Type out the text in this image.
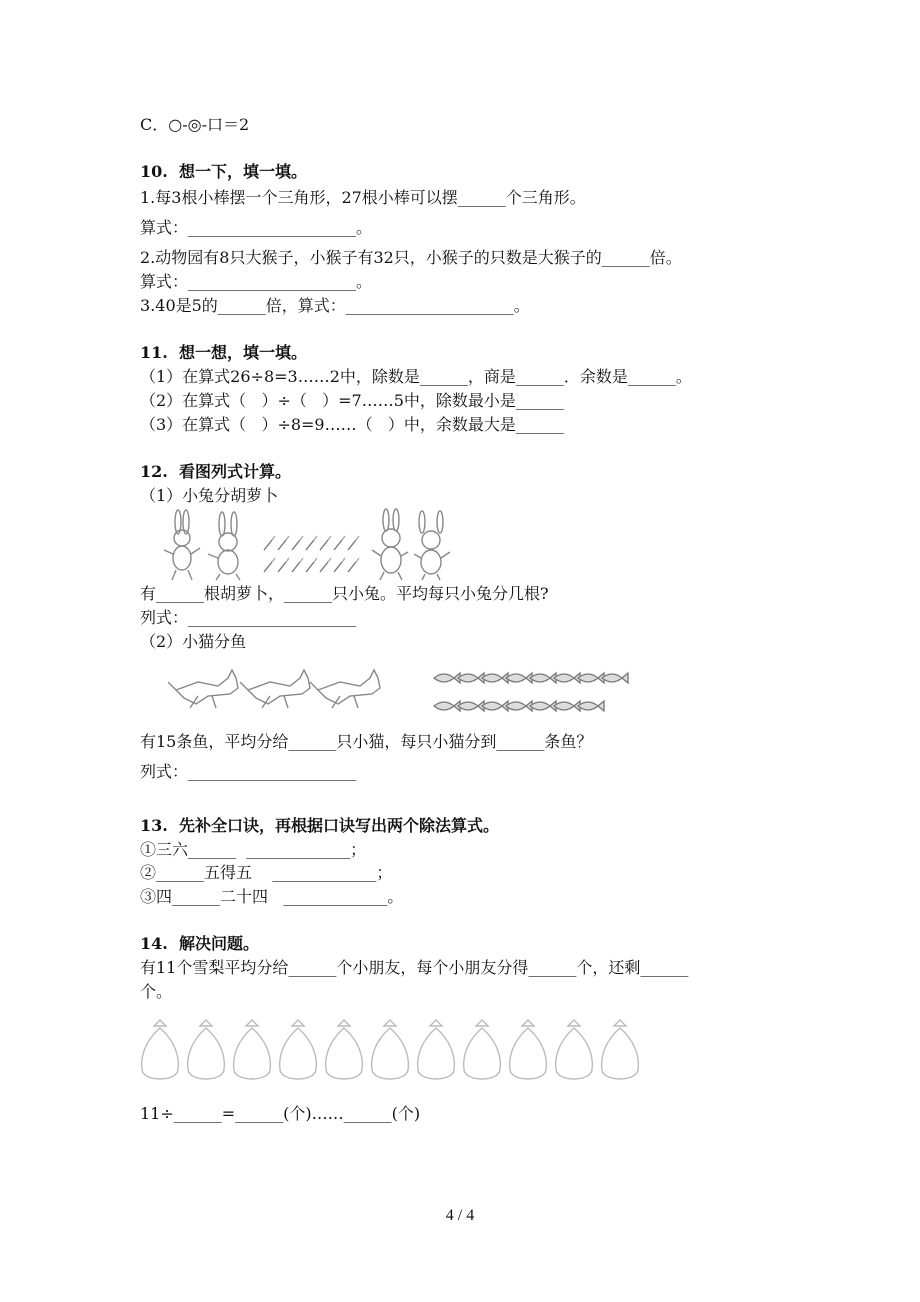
C．○-◎-口＝2
10.  想一下，填一填。
1.每3根小棒摆一个三角形，27根小棒可以摆______个三角形。
算式：_____________________。
2.动物园有8只大猴子，小猴子有32只，小猴子的只数是大猴子的______倍。
算式：_____________________。
3.40是5的______倍，算式：_____________________。
11.  想一想，填一填。
（1）在算式26÷8=3……2中，除数是______，商是______．余数是______。
（2）在算式（   ）÷（   ）=7……5中，除数最小是______
（3）在算式（   ）÷8=9……（   ）中，余数最大是______
12.  看图列式计算。
（1）小兔分胡萝卜
有______根胡萝卜，______只小兔。平均每只小兔分几根?
列式：_____________________
（2）小猫分鱼
有15条鱼，平均分给______只小猫，每只小猫分到______条鱼？
列式：_____________________
13.  先补全口诀，再根据口诀写出两个除法算式。
①三六______  _____________；
②______五得五    _____________；
③四______二十四   _____________。
14.  解决问题。
有11个雪梨平均分给______个小朋友，每个小朋友分得______个，还剩______
个。
11÷______=______(个)……______(个)
4 / 4
